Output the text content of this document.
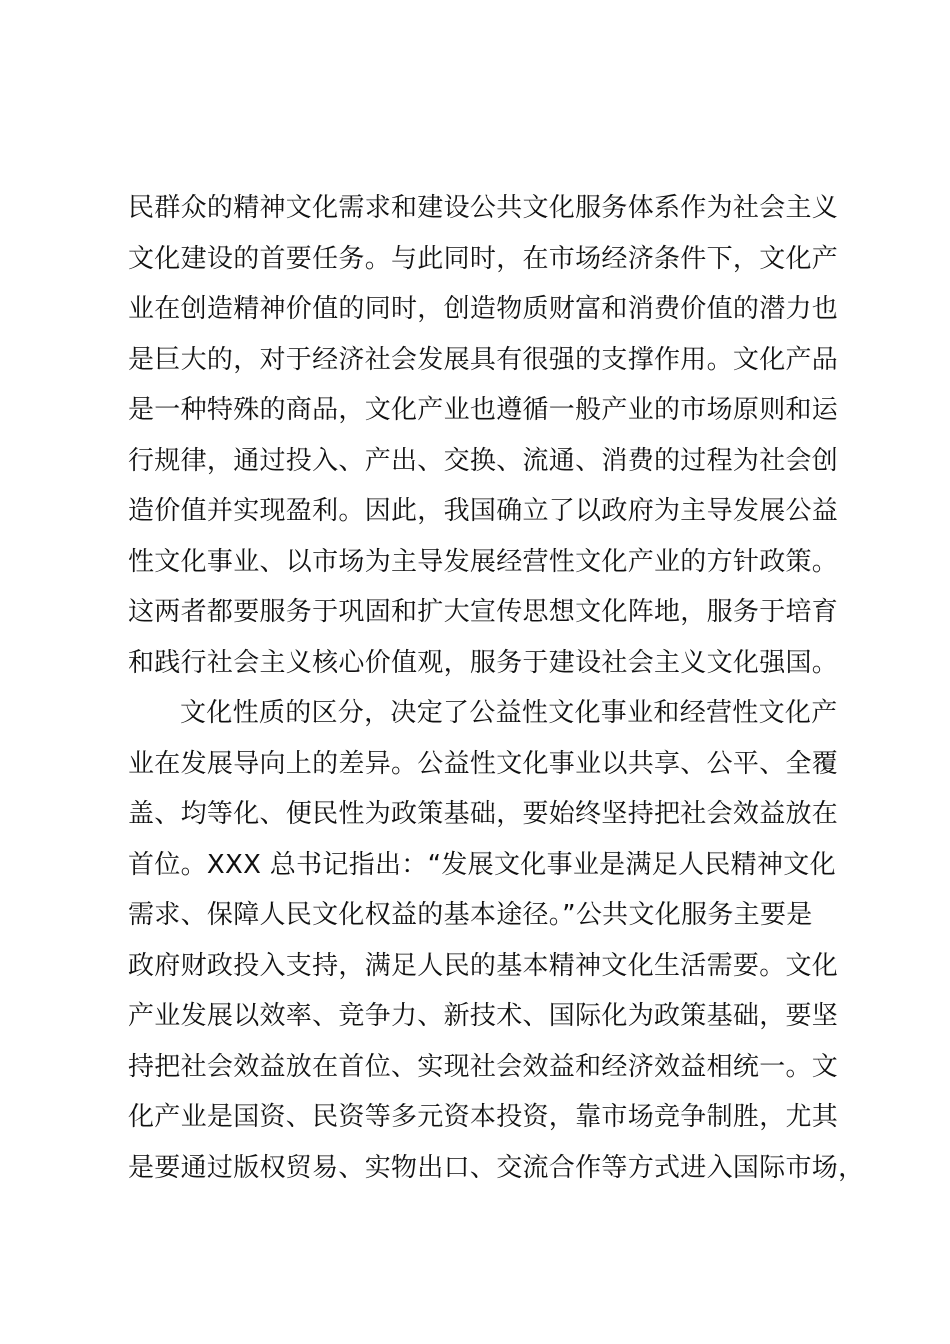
民群众的精神文化需求和建设公共文化服务体系作为社会主义
文化建设的首要任务。与此同时，在市场经济条件下，文化产
业在创造精神价值的同时，创造物质财富和消费价值的潜力也
是巨大的，对于经济社会发展具有很强的支撑作用。文化产品
是一种特殊的商品，文化产业也遵循一般产业的市场原则和运
行规律，通过投入、产出、交换、流通、消费的过程为社会创
造价值并实现盈利。因此，我国确立了以政府为主导发展公益
性文化事业、以市场为主导发展经营性文化产业的方针政策。
这两者都要服务于巩固和扩大宣传思想文化阵地，服务于培育
和践行社会主义核心价值观，服务于建设社会主义文化强国。
文化性质的区分，决定了公益性文化事业和经营性文化产
业在发展导向上的差异。公益性文化事业以共享、公平、全覆
盖、均等化、便民性为政策基础，要始终坚持把社会效益放在
首位。XXX 总书记指出：“发展文化事业是满足人民精神文化
需求、保障人民文化权益的基本途径。”公共文化服务主要是
政府财政投入支持，满足人民的基本精神文化生活需要。文化
产业发展以效率、竞争力、新技术、国际化为政策基础，要坚
持把社会效益放在首位、实现社会效益和经济效益相统一。文
化产业是国资、民资等多元资本投资，靠市场竞争制胜，尤其
是要通过版权贸易、实物出口、交流合作等方式进入国际市场，
